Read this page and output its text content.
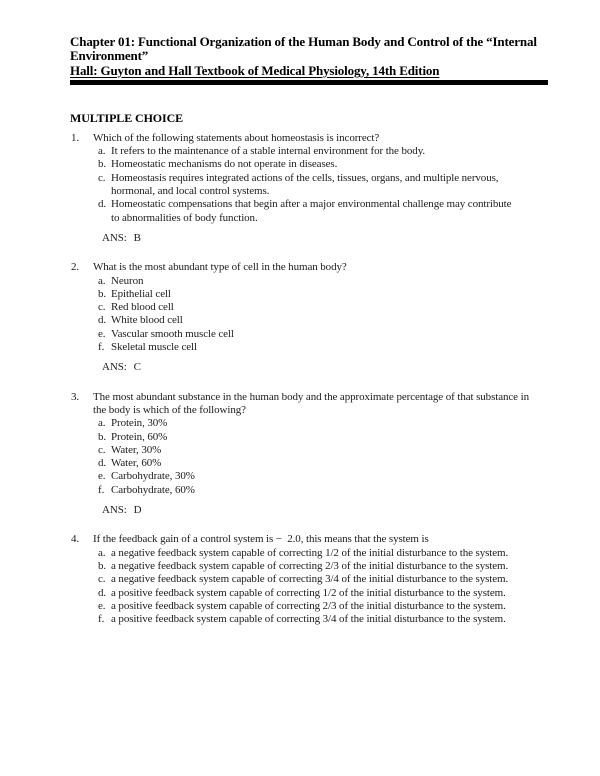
Chapter 01: Functional Organization of the Human Body and Control of the “Internal Environment”
Hall: Guyton and Hall Textbook of Medical Physiology, 14th Edition
MULTIPLE CHOICE
1.	Which of the following statements about homeostasis is incorrect?
a. It refers to the maintenance of a stable internal environment for the body.
b. Homeostatic mechanisms do not operate in diseases.
c. Homeostasis requires integrated actions of the cells, tissues, organs, and multiple nervous, hormonal, and local control systems.
d. Homeostatic compensations that begin after a major environmental challenge may contribute to abnormalities of body function.
ANS: B
2.	What is the most abundant type of cell in the human body?
a. Neuron
b. Epithelial cell
c. Red blood cell
d. White blood cell
e. Vascular smooth muscle cell
f. Skeletal muscle cell
ANS: C
3.	The most abundant substance in the human body and the approximate percentage of that substance in the body is which of the following?
a. Protein, 30%
b. Protein, 60%
c. Water, 30%
d. Water, 60%
e. Carbohydrate, 30%
f. Carbohydrate, 60%
ANS: D
4.	If the feedback gain of a control system is −  2.0, this means that the system is
a. a negative feedback system capable of correcting 1/2 of the initial disturbance to the system.
b. a negative feedback system capable of correcting 2/3 of the initial disturbance to the system.
c. a negative feedback system capable of correcting 3/4 of the initial disturbance to the system.
d. a positive feedback system capable of correcting 1/2 of the initial disturbance to the system.
e. a positive feedback system capable of correcting 2/3 of the initial disturbance to the system.
f. a positive feedback system capable of correcting 3/4 of the initial disturbance to the system.
